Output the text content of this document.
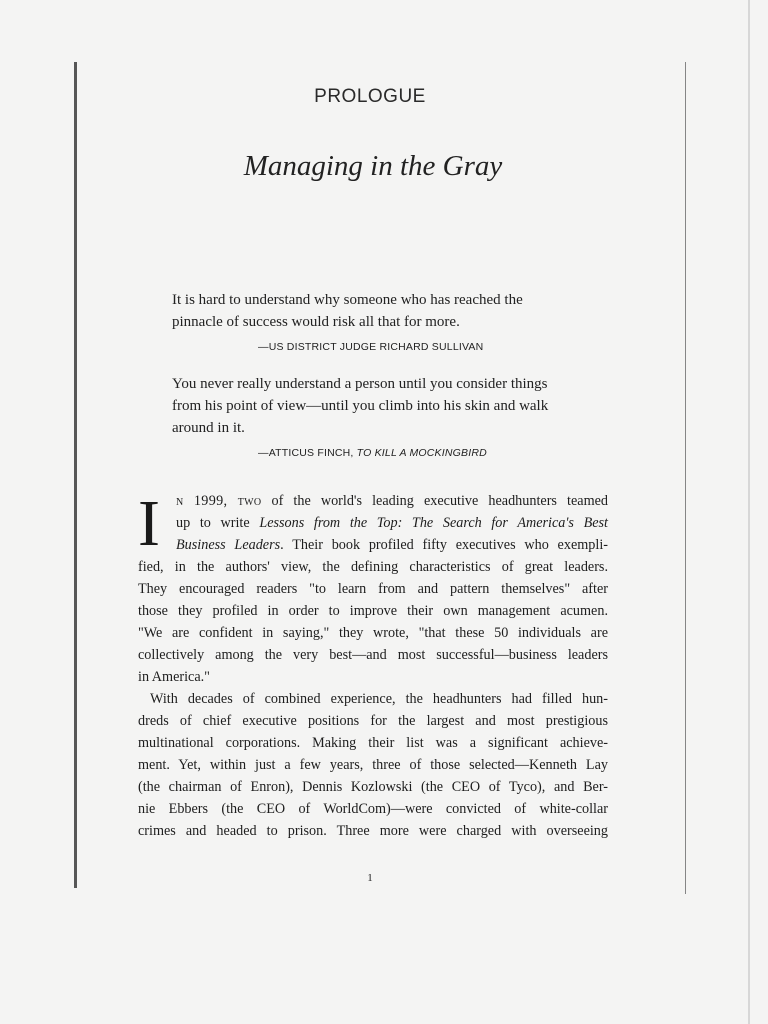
PROLOGUE
Managing in the Gray
It is hard to understand why someone who has reached the
pinnacle of success would risk all that for more.
—US DISTRICT JUDGE RICHARD SULLIVAN
You never really understand a person until you consider things
from his point of view—until you climb into his skin and walk
around in it.
—ATTICUS FINCH, TO KILL A MOCKINGBIRD
I n 1999, two of the world's leading executive headhunters teamed
up to write Lessons from the Top: The Search for America's Best
Business Leaders. Their book profiled fifty executives who exempli-
fied, in the authors' view, the defining characteristics of great leaders.
They encouraged readers "to learn from and pattern themselves" after
those they profiled in order to improve their own management acumen.
"We are confident in saying," they wrote, "that these 50 individuals are
collectively among the very best—and most successful—business leaders
in America."
With decades of combined experience, the headhunters had filled hun-
dreds of chief executive positions for the largest and most prestigious
multinational corporations. Making their list was a significant achieve-
ment. Yet, within just a few years, three of those selected—Kenneth Lay
(the chairman of Enron), Dennis Kozlowski (the CEO of Tyco), and Ber-
nie Ebbers (the CEO of WorldCom)—were convicted of white-collar
crimes and headed to prison. Three more were charged with overseeing
1
